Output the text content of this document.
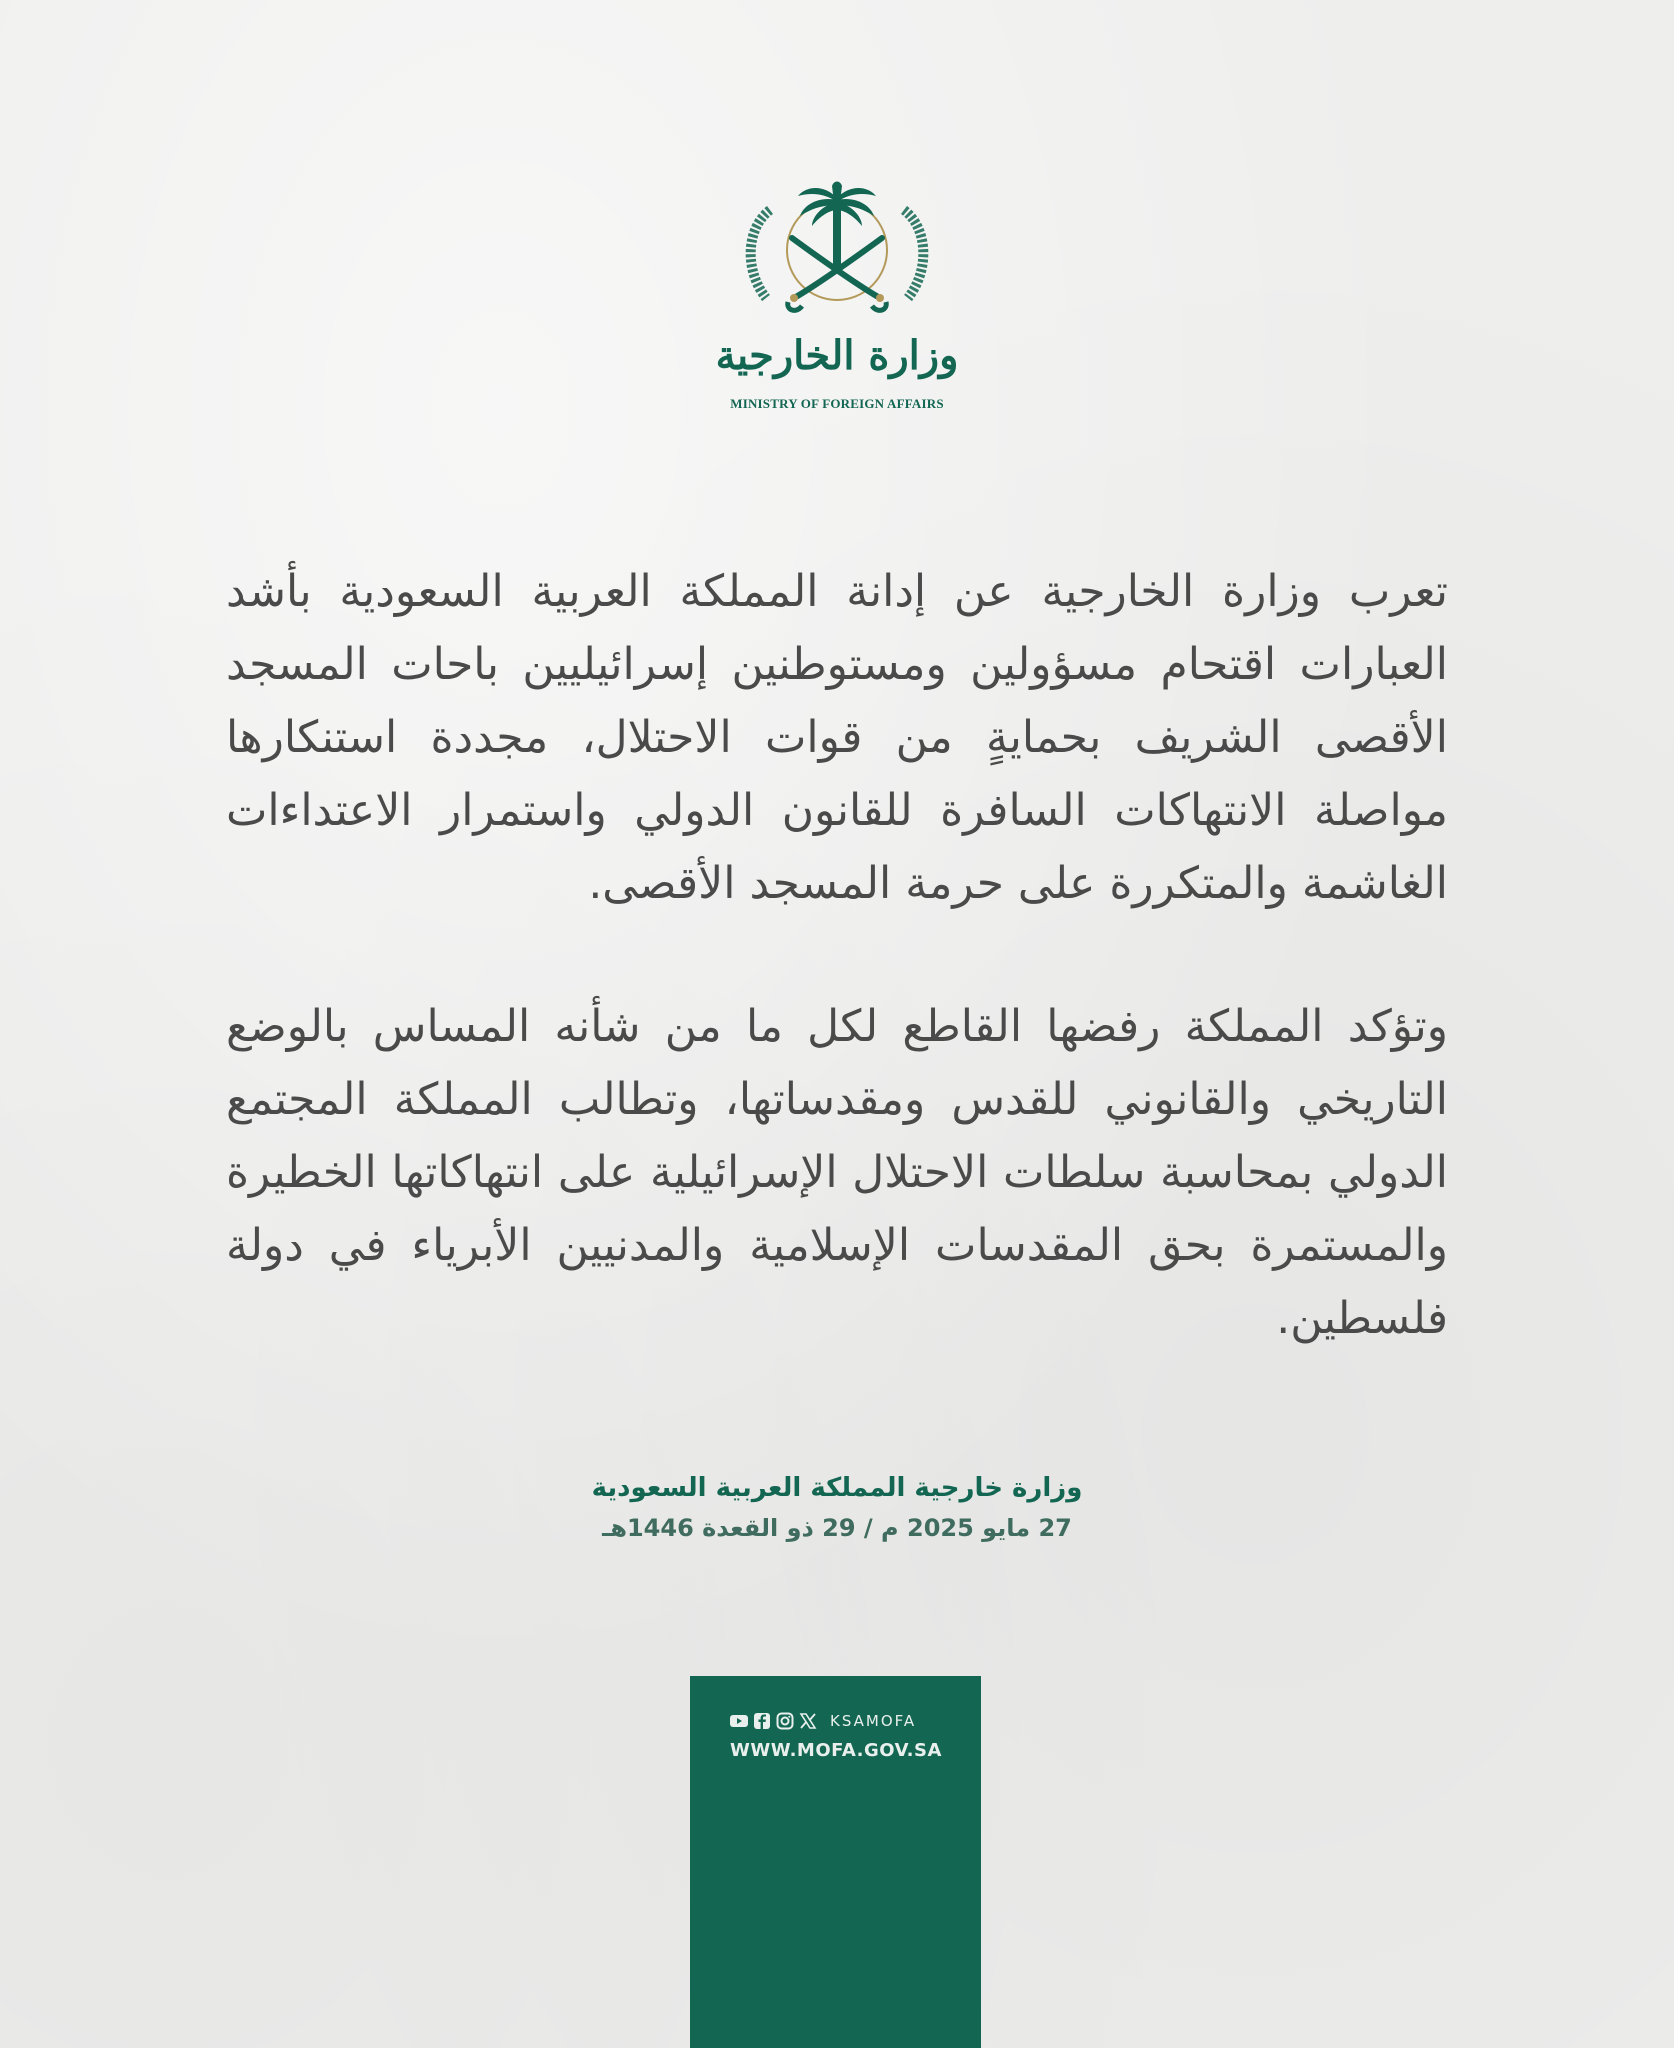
وزارة الخارجية
MINISTRY OF FOREIGN AFFAIRS

تعرب وزارة الخارجية عن إدانة المملكة العربية السعودية بأشد العبارات اقتحام مسؤولين ومستوطنين إسرائيليين باحات المسجد الأقصى الشريف بحمايةٍ من قوات الاحتلال، مجددة استنكارها مواصلة الانتهاكات السافرة للقانون الدولي واستمرار الاعتداءات الغاشمة والمتكررة على حرمة المسجد الأقصى.

وتؤكد المملكة رفضها القاطع لكل ما من شأنه المساس بالوضع التاريخي والقانوني للقدس ومقدساتها، وتطالب المملكة المجتمع الدولي بمحاسبة سلطات الاحتلال الإسرائيلية على انتهاكاتها الخطيرة والمستمرة بحق المقدسات الإسلامية والمدنيين الأبرياء في دولة فلسطين.

وزارة خارجية المملكة العربية السعودية

27 مايو 2025 م / 29 ذو القعدة 1446هـ

KSAMOFA
WWW.MOFA.GOV.SA
